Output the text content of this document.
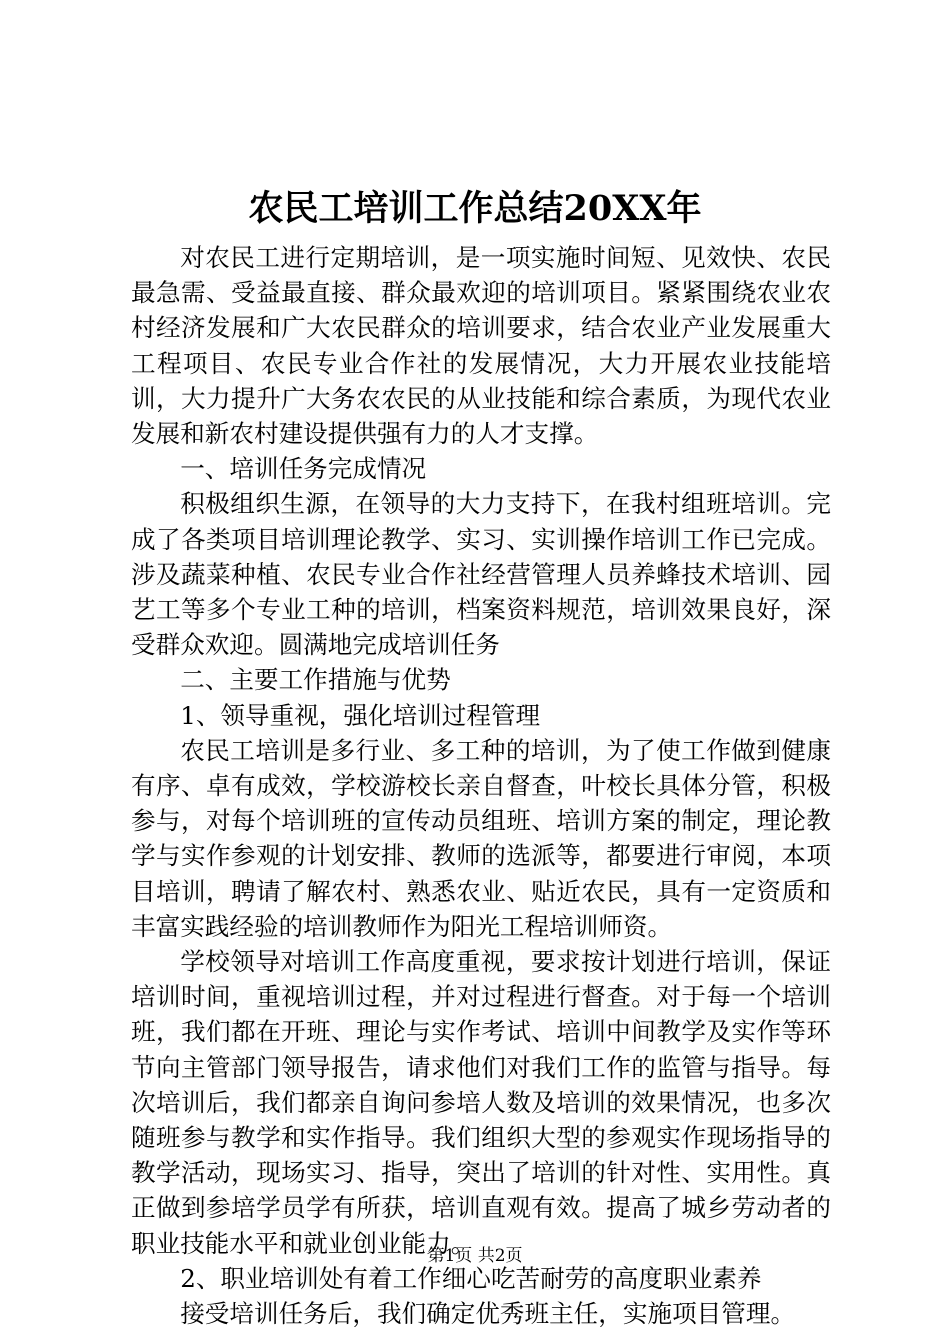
农民工培训工作总结20XX年

对农民工进行定期培训，是一项实施时间短、见效快、农民最急需、受益最直接、群众最欢迎的培训项目。紧紧围绕农业农村经济发展和广大农民群众的培训要求，结合农业产业发展重大工程项目、农民专业合作社的发展情况，大力开展农业技能培训，大力提升广大务农农民的从业技能和综合素质，为现代农业发展和新农村建设提供强有力的人才支撑。

一、培训任务完成情况

积极组织生源，在领导的大力支持下，在我村组班培训。完成了各类项目培训理论教学、实习、实训操作培训工作已完成。涉及蔬菜种植、农民专业合作社经营管理人员养蜂技术培训、园艺工等多个专业工种的培训，档案资料规范，培训效果良好，深受群众欢迎。圆满地完成培训任务

二、主要工作措施与优势

1、领导重视，强化培训过程管理

农民工培训是多行业、多工种的培训，为了使工作做到健康有序、卓有成效，学校游校长亲自督查，叶校长具体分管，积极参与，对每个培训班的宣传动员组班、培训方案的制定，理论教学与实作参观的计划安排、教师的选派等，都要进行审阅，本项目培训，聘请了解农村、熟悉农业、贴近农民，具有一定资质和丰富实践经验的培训教师作为阳光工程培训师资。

学校领导对培训工作高度重视，要求按计划进行培训，保证培训时间，重视培训过程，并对过程进行督查。对于每一个培训班，我们都在开班、理论与实作考试、培训中间教学及实作等环节向主管部门领导报告，请求他们对我们工作的监管与指导。每次培训后，我们都亲自询问参培人数及培训的效果情况，也多次随班参与教学和实作指导。我们组织大型的参观实作现场指导的教学活动，现场实习、指导，突出了培训的针对性、实用性。真正做到参培学员学有所获，培训直观有效。提高了城乡劳动者的职业技能水平和就业创业能力。

2、职业培训处有着工作细心吃苦耐劳的高度职业素养

接受培训任务后，我们确定优秀班主任，实施项目管理。

第1页 共2页
